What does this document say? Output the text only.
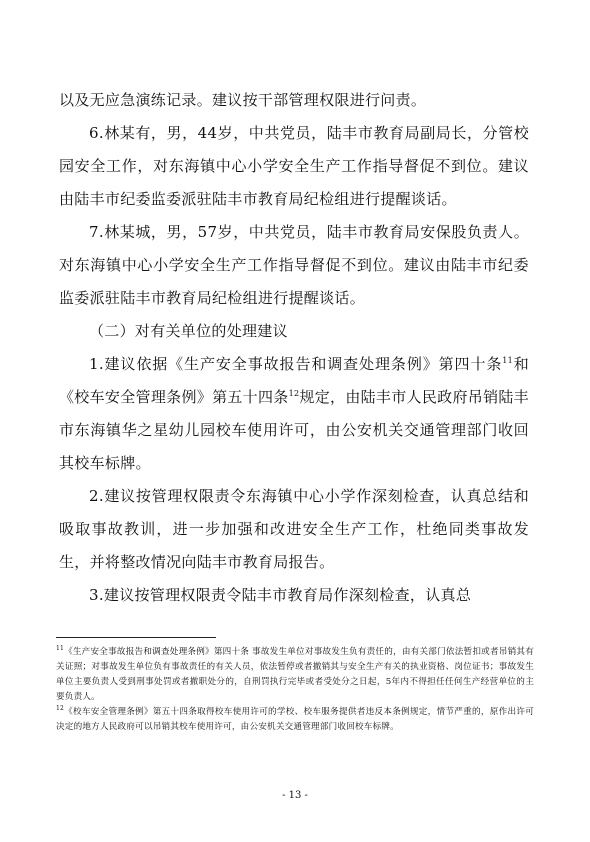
以及无应急演练记录。建议按干部管理权限进行问责。

6.林某有，男，44岁，中共党员，陆丰市教育局副局长，分管校园安全工作，对东海镇中心小学安全生产工作指导督促不到位。建议由陆丰市纪委监委派驻陆丰市教育局纪检组进行提醒谈话。

7.林某城，男，57岁，中共党员，陆丰市教育局安保股负责人。对东海镇中心小学安全生产工作指导督促不到位。建议由陆丰市纪委监委派驻陆丰市教育局纪检组进行提醒谈话。

（二）对有关单位的处理建议

1.建议依据《生产安全事故报告和调查处理条例》第四十条$^{11}$和《校车安全管理条例》第五十四条$^{12}$规定，由陆丰市人民政府吊销陆丰市东海镇华之星幼儿园校车使用许可，由公安机关交通管理部门收回其校车标牌。

2.建议按管理权限责令东海镇中心小学作深刻检查，认真总结和吸取事故教训，进一步加强和改进安全生产工作，杜绝同类事故发生，并将整改情况向陆丰市教育局报告。

3.建议按管理权限责令陆丰市教育局作深刻检查，认真总

$^{11}$《生产安全事故报告和调查处理条例》第四十条 事故发生单位对事故发生负有责任的，由有关部门依法暂扣或者吊销其有关证照；对事故发生单位负有事故责任的有关人员，依法暂停或者撤销其与安全生产有关的执业资格、岗位证书；事故发生单位主要负责人受到刑事处罚或者撤职处分的，自刑罚执行完毕或者受处分之日起，5年内不得担任任何生产经营单位的主要负责人。

$^{12}$《校车安全管理条例》第五十四条取得校车使用许可的学校、校车服务提供者违反本条例规定，情节严重的，原作出许可决定的地方人民政府可以吊销其校车使用许可，由公安机关交通管理部门收回校车标牌。

- 13 -
